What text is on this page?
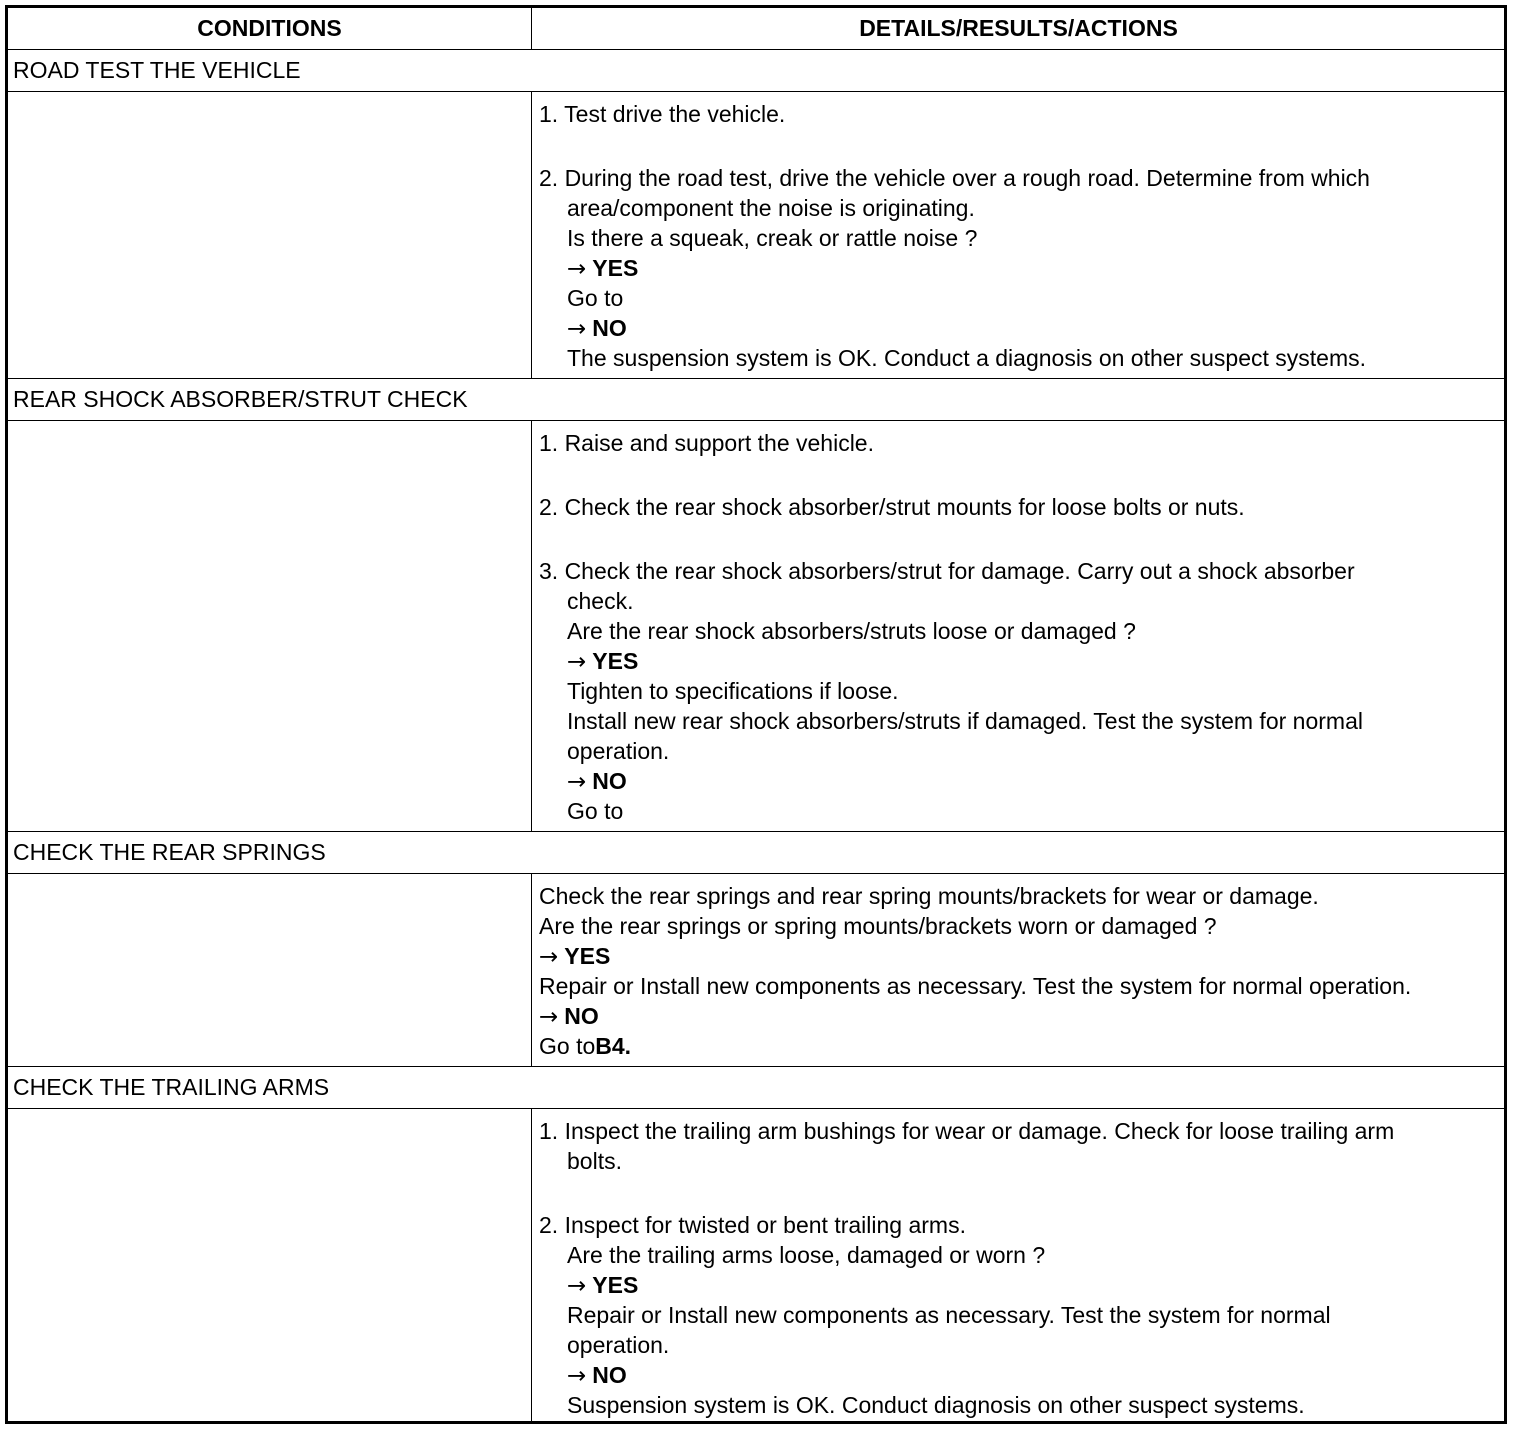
CONDITIONS	DETAILS/RESULTS/ACTIONS
ROAD TEST THE VEHICLE
1. Test drive the vehicle.
2. During the road test, drive the vehicle over a rough road. Determine from which
area/component the noise is originating.
Is there a squeak, creak or rattle noise ?
→ YES
Go to
→ NO
The suspension system is OK. Conduct a diagnosis on other suspect systems.
REAR SHOCK ABSORBER/STRUT CHECK
1. Raise and support the vehicle.
2. Check the rear shock absorber/strut mounts for loose bolts or nuts.
3. Check the rear shock absorbers/strut for damage. Carry out a shock absorber
check.
Are the rear shock absorbers/struts loose or damaged ?
→ YES
Tighten to specifications if loose.
Install new rear shock absorbers/struts if damaged. Test the system for normal
operation.
→ NO
Go to
CHECK THE REAR SPRINGS
Check the rear springs and rear spring mounts/brackets for wear or damage.
Are the rear springs or spring mounts/brackets worn or damaged ?
→ YES
Repair or Install new components as necessary. Test the system for normal operation.
→ NO
Go toB4.
CHECK THE TRAILING ARMS
1. Inspect the trailing arm bushings for wear or damage. Check for loose trailing arm
bolts.
2. Inspect for twisted or bent trailing arms.
Are the trailing arms loose, damaged or worn ?
→ YES
Repair or Install new components as necessary. Test the system for normal
operation.
→ NO
Suspension system is OK. Conduct diagnosis on other suspect systems.
